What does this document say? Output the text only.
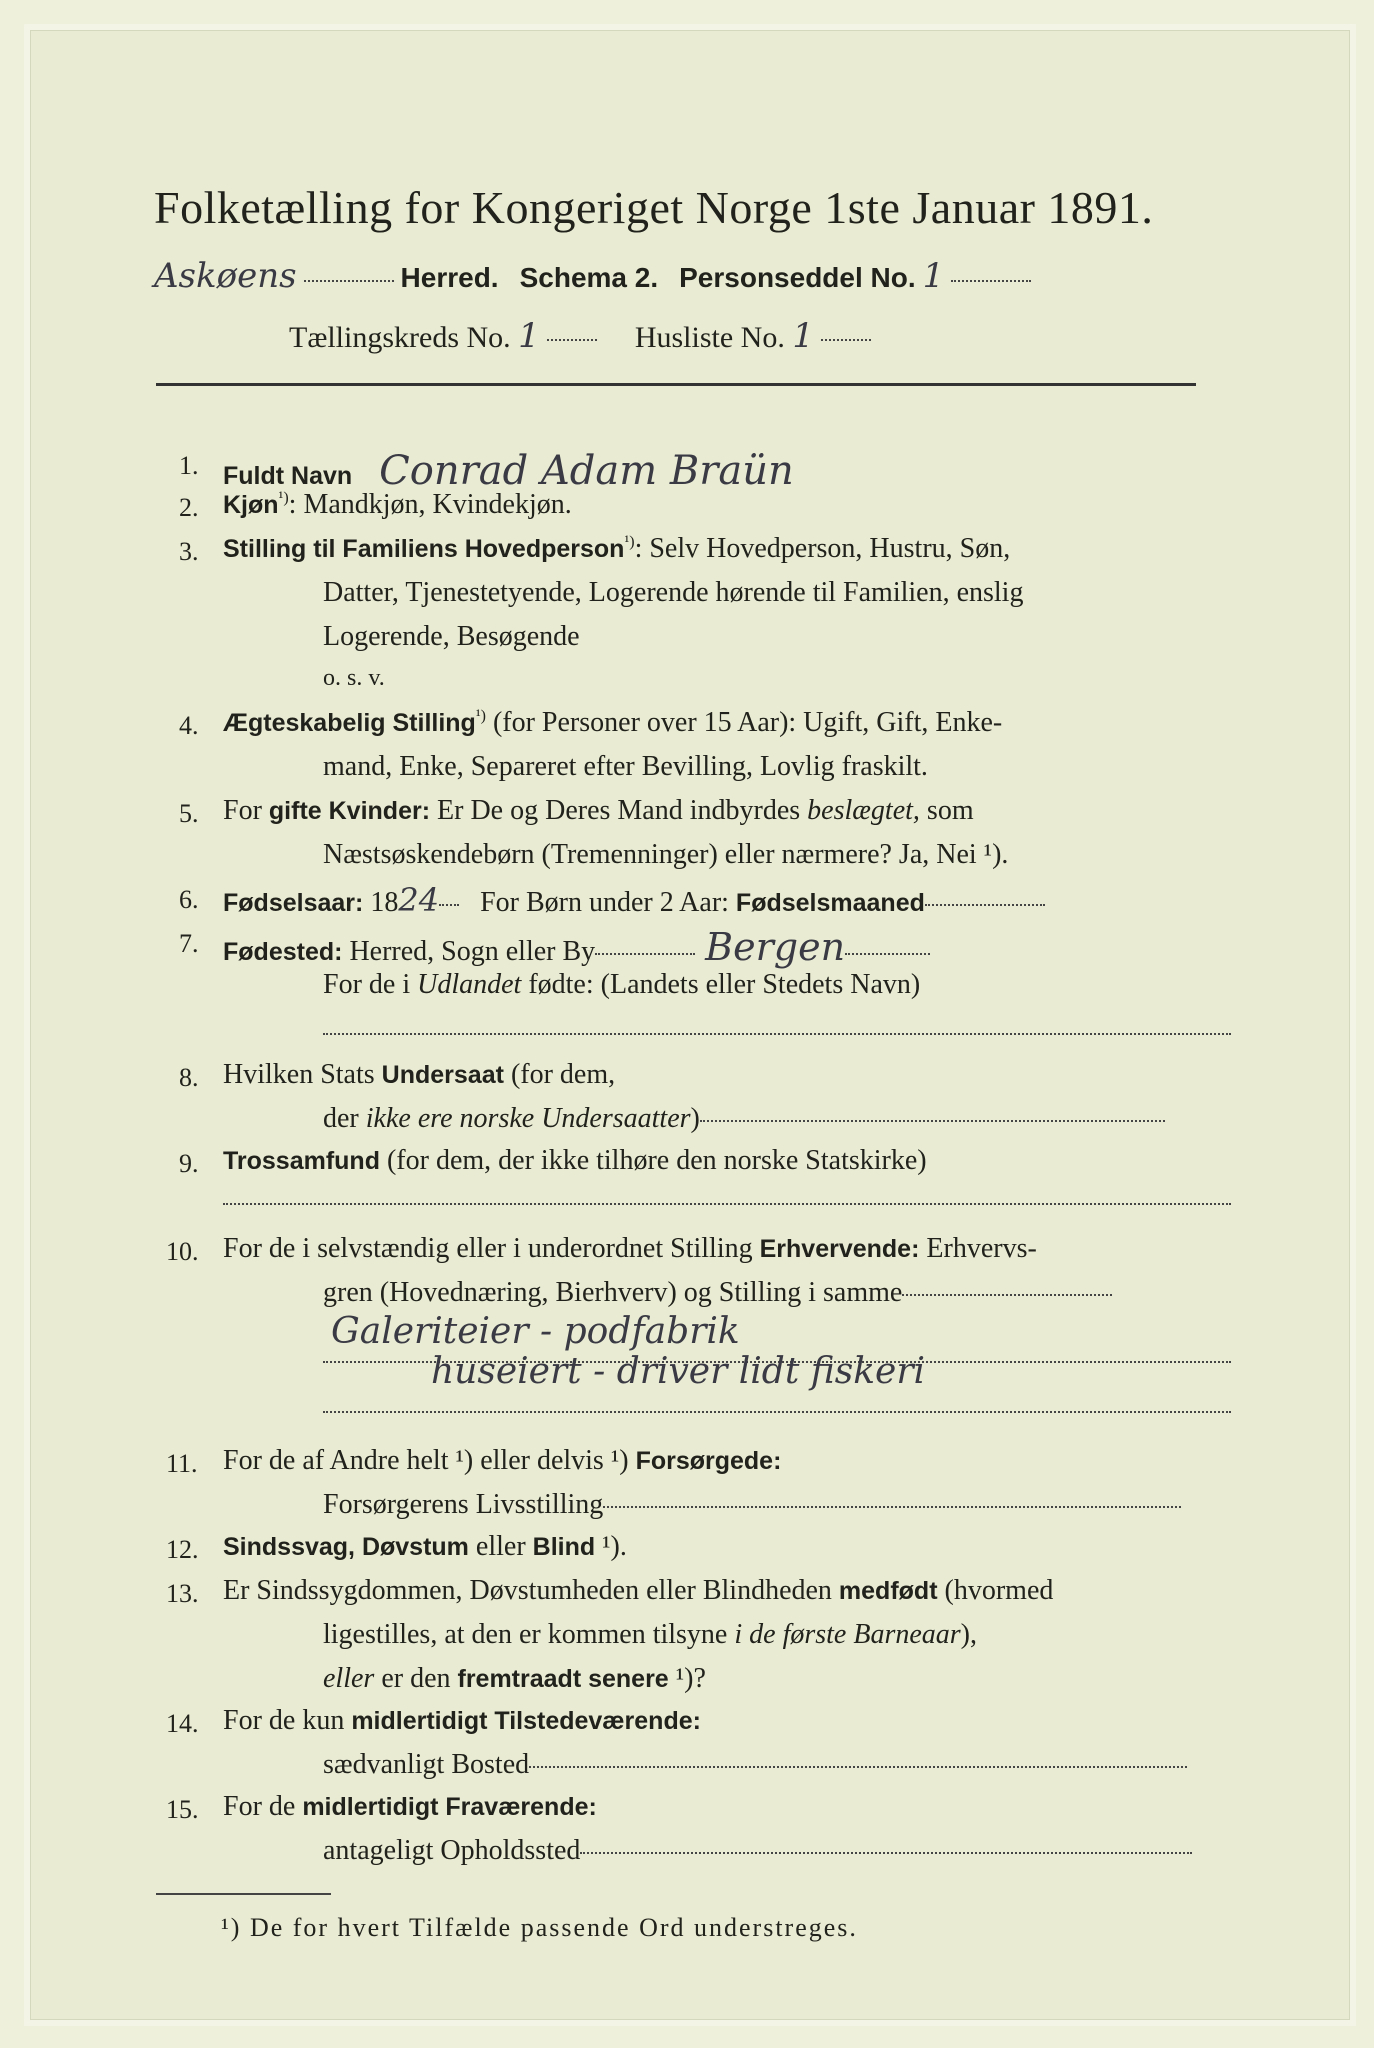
Folketælling for Kongeriget Norge 1ste Januar 1891.
Askøens	Herred. Schema 2. Personseddel No. 1
Tællingskreds No. 1	Husliste No. 1
1. Fuldt Navn Conrad Adam Braün
2. Kjøn$^{^1)}$: Mandkjøn, Kvindekjøn.
3. Stilling til Familiens Hovedperson$^{^1)}$: Selv Hovedperson, Hustru, Søn,
Datter, Tjenestetyende, Logerende hørende til Familien, enslig
Logerende, Besøgende
o. s. v.
4. Ægteskabelig Stilling$^{^1)}$ (for Personer over 15 Aar): Ugift, Gift, Enke-
mand, Enke, Separeret efter Bevilling, Lovlig fraskilt.
5. For gifte Kvinder: Er De og Deres Mand indbyrdes beslægtet, som
Næstsøskendebørn (Tremenninger) eller nærmere? Ja, Nei ¹).
6. Fødselsaar: 1824 For Børn under 2 Aar: Fødselsmaaned
7. Fødested: Herred, Sogn eller By	Bergen
For de i Udlandet fødte: (Landets eller Stedets Navn)
8. Hvilken Stats Undersaat (for dem,
der ikke ere norske Undersaatter)
9. Trossamfund (for dem, der ikke tilhøre den norske Statskirke)
10. For de i selvstændig eller i underordnet Stilling Erhvervende: Erhvervs-
gren (Hovednæring, Bierhverv) og Stilling i samme
Galeriteier - podfabrik
huseiert - driver lidt fiskeri
11. For de af Andre helt ¹) eller delvis ¹) Forsørgede:
Forsørgerens Livsstilling
12. Sindssvag, Døvstum eller Blind ¹).
13. Er Sindssygdommen, Døvstumheden eller Blindheden medfødt (hvormed
ligestilles, at den er kommen tilsyne i de første Barneaar),
eller er den fremtraadt senere ¹)?
14. For de kun midlertidigt Tilstedeværende:
sædvanligt Bosted
15. For de midlertidigt Fraværende:
antageligt Opholdssted
¹) De for hvert Tilfælde passende Ord understreges.
